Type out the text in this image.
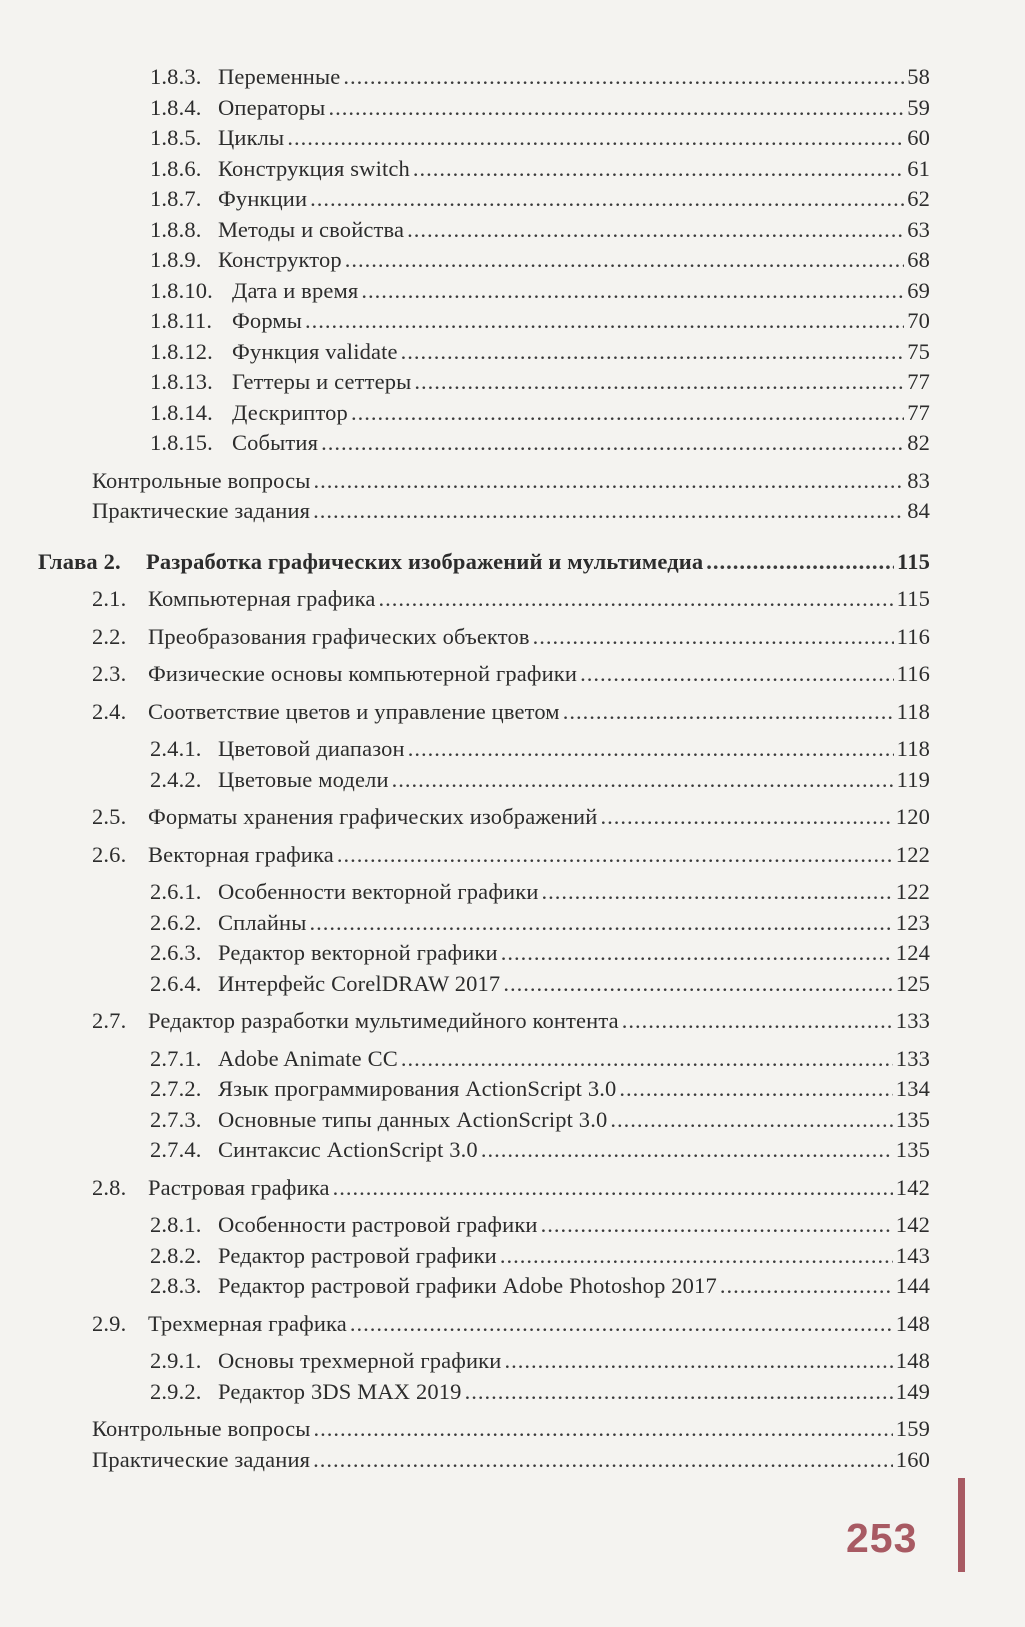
1.8.3. Переменные .....	58
1.8.4. Операторы .....	59
1.8.5. Циклы .....	60
1.8.6. Конструкция switch .....	61
1.8.7. Функции .....	62
1.8.8. Методы и свойства .....	63
1.8.9. Конструктор .....	68
1.8.10. Дата и время .....	69
1.8.11. Формы .....	70
1.8.12. Функция validate .....	75
1.8.13. Геттеры и сеттеры .....	77
1.8.14. Дескриптор .....	77
1.8.15. События .....	82
Контрольные вопросы .....	83
Практические задания .....	84
Глава 2.	Разработка графических изображений и мультимедиа .....	115
2.1. Компьютерная графика .....	115
2.2. Преобразования графических объектов .....	116
2.3. Физические основы компьютерной графики .....	116
2.4. Соответствие цветов и управление цветом .....	118
2.4.1. Цветовой диапазон .....	118
2.4.2. Цветовые модели .....	119
2.5. Форматы хранения графических изображений .....	120
2.6. Векторная графика .....	122
2.6.1. Особенности векторной графики .....	122
2.6.2. Сплайны .....	123
2.6.3. Редактор векторной графики .....	124
2.6.4. Интерфейс CorelDRAW 2017 .....	125
2.7. Редактор разработки мультимедийного контента .....	133
2.7.1. Adobe Animate CC .....	133
2.7.2. Язык программирования ActionScript 3.0 .....	134
2.7.3. Основные типы данных ActionScript 3.0 .....	135
2.7.4. Синтаксис ActionScript 3.0 .....	135
2.8. Растровая графика .....	142
2.8.1. Особенности растровой графики .....	142
2.8.2. Редактор растровой графики .....	143
2.8.3. Редактор растровой графики Adobe Photoshop 2017 .....	144
2.9. Трехмерная графика .....	148
2.9.1. Основы трехмерной графики .....	148
2.9.2. Редактор 3DS MAX 2019 .....	149
Контрольные вопросы .....	159
Практические задания .....	160
253
